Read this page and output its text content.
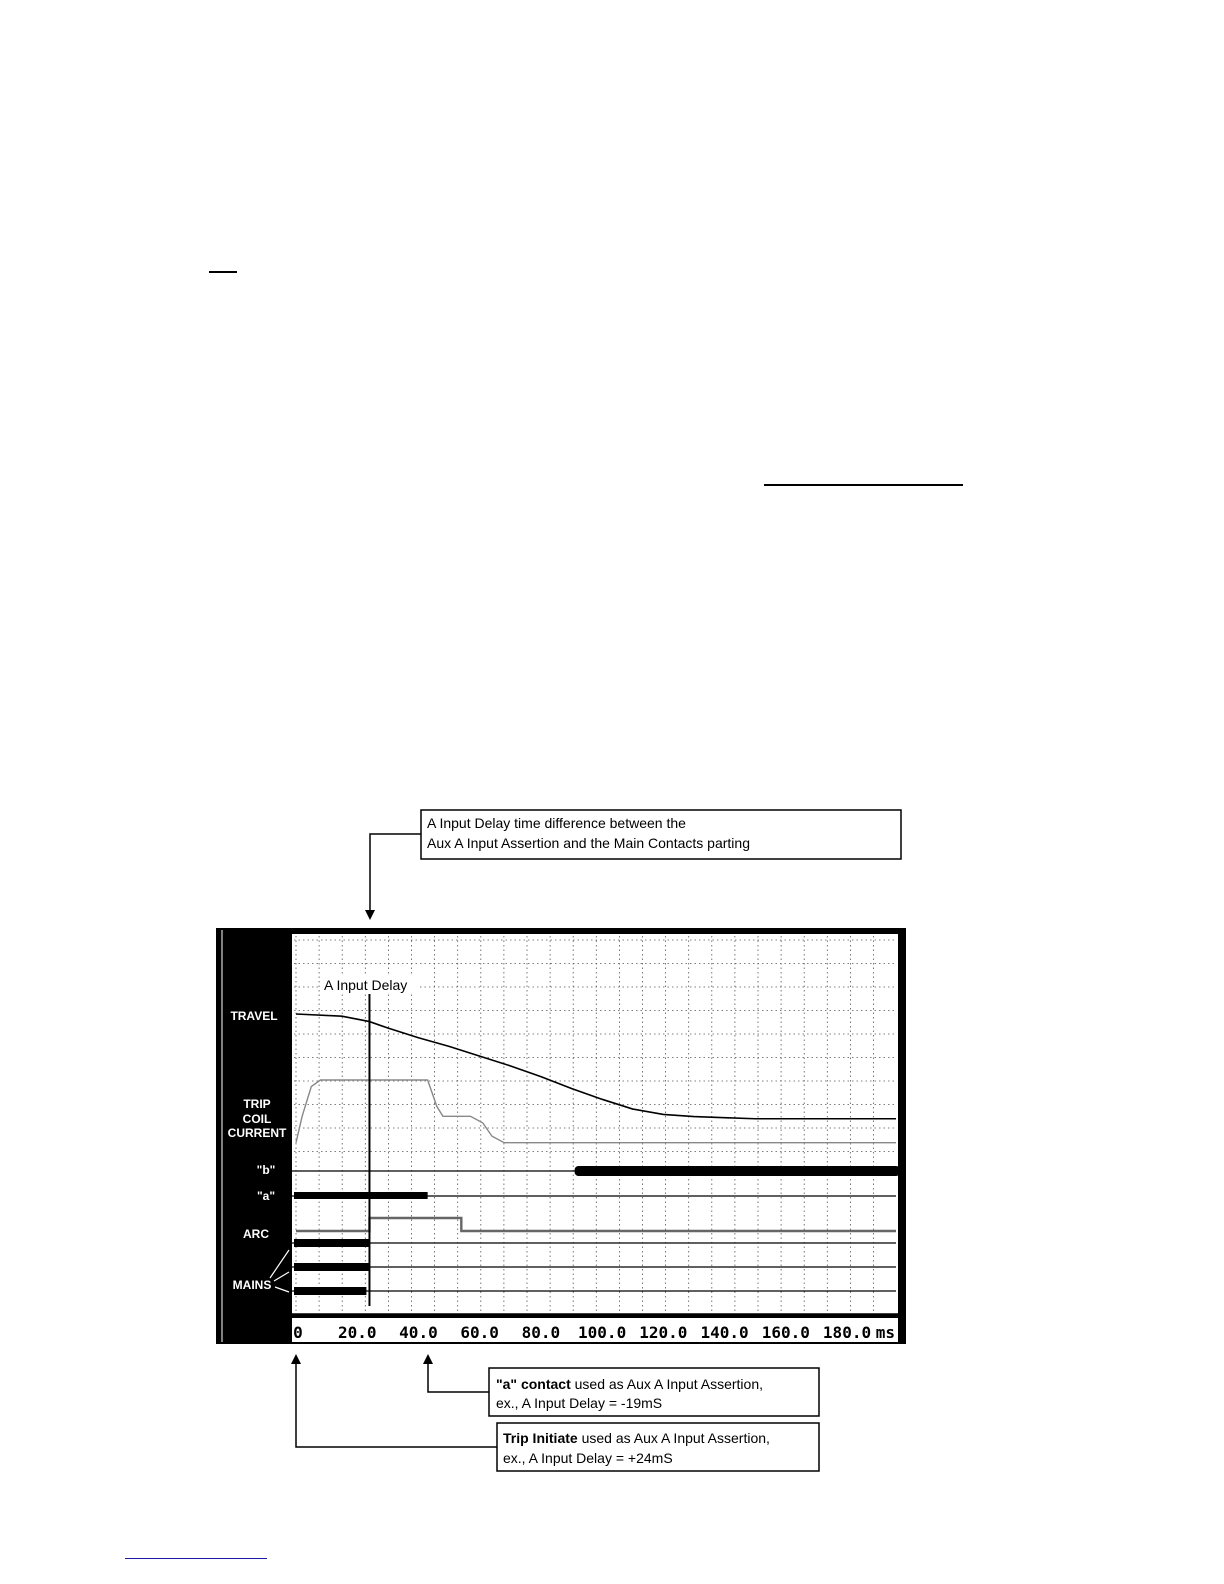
A Input Delay time difference between the
Aux A Input Assertion and the Main Contacts parting
TRAVEL
TRIP
COIL
CURRENT
"b"
"a"
ARC
MAINS
A Input Delay
0 20.0 40.0 60.0 80.0 100.0 120.0 140.0 160.0 180.0 ms
"a" contact used as Aux A Input Assertion,
ex., A Input Delay = -19mS
Trip Initiate used as Aux A Input Assertion,
ex., A Input Delay = +24mS
